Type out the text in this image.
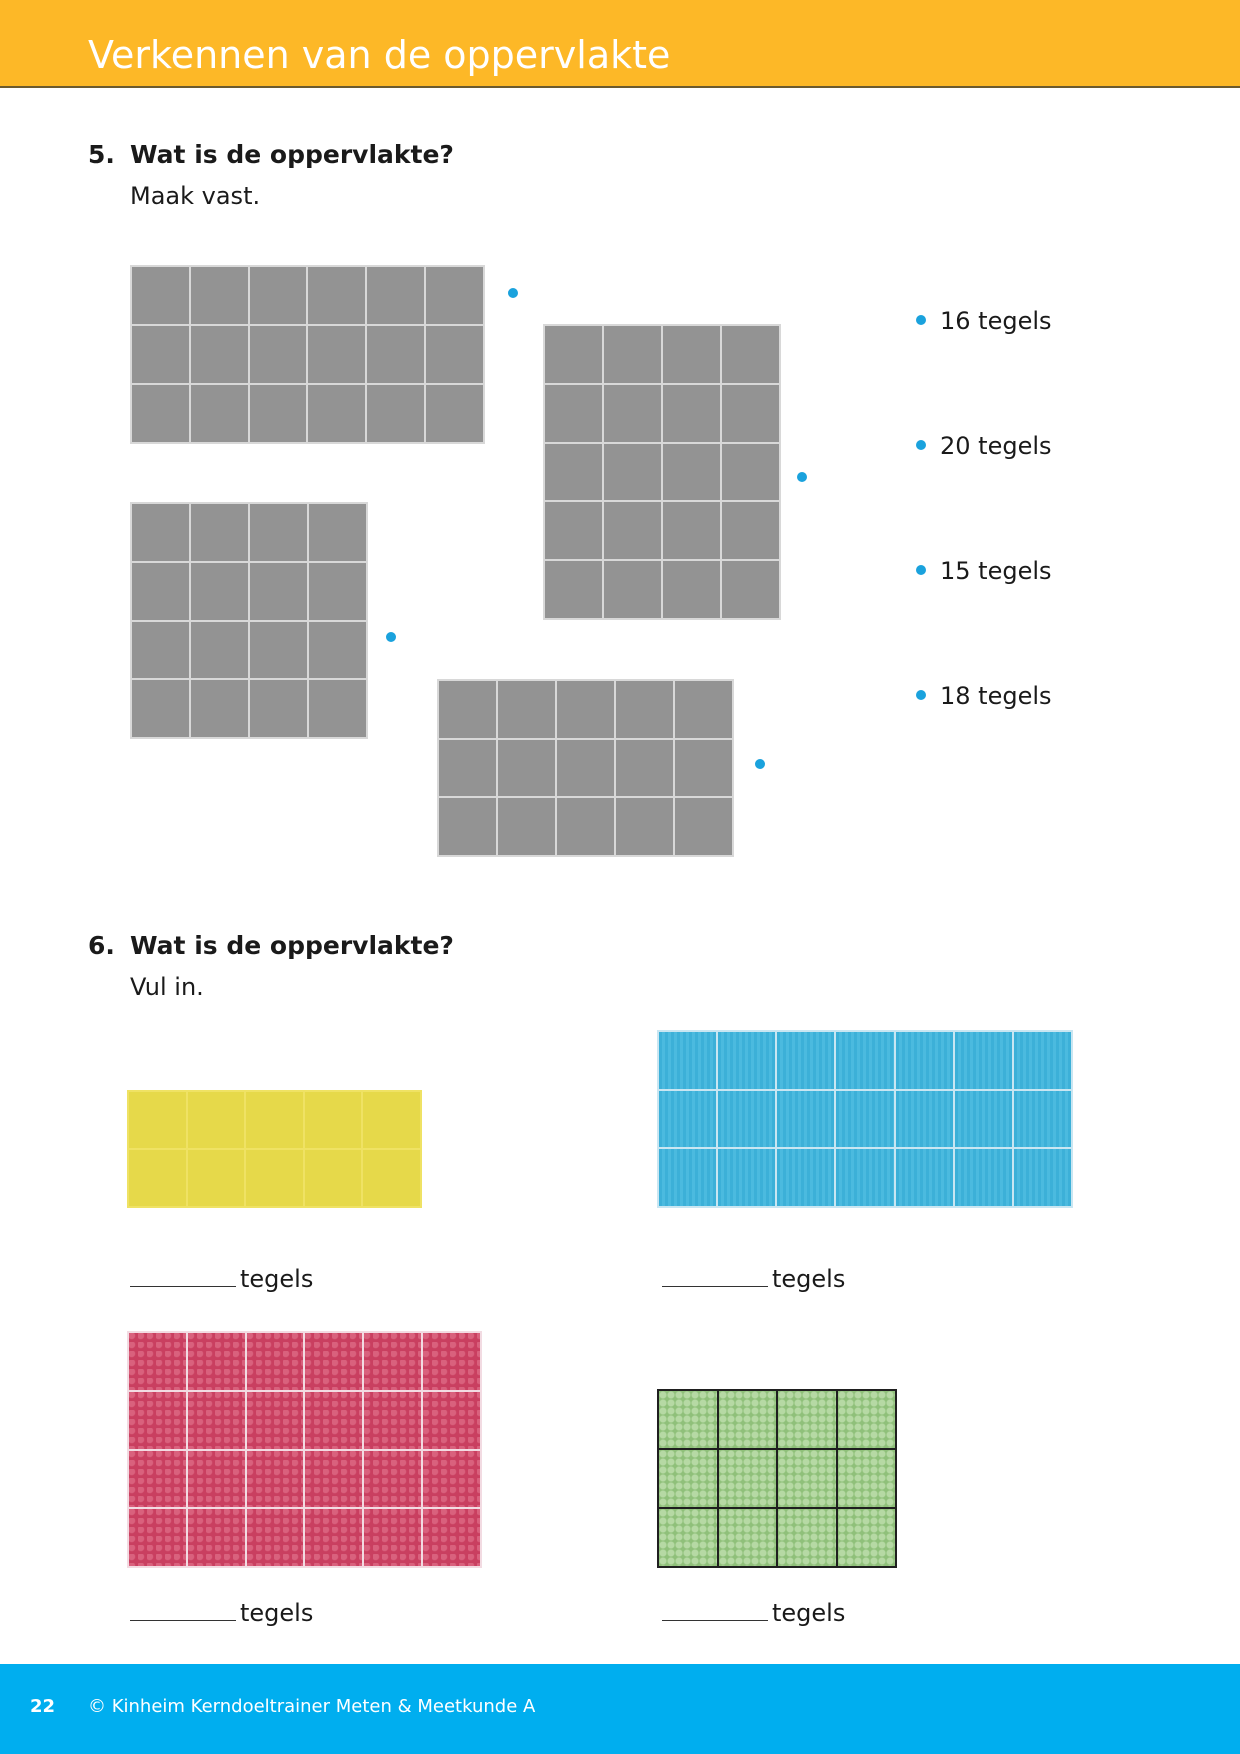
Verkennen van de oppervlakte
5. Wat is de oppervlakte?
Maak vast.
16 tegels
20 tegels
15 tegels
18 tegels
6. Wat is de oppervlakte?
Vul in.
tegels	tegels
tegels	tegels
22 © Kinheim Kerndoeltrainer Meten & Meetkunde A
